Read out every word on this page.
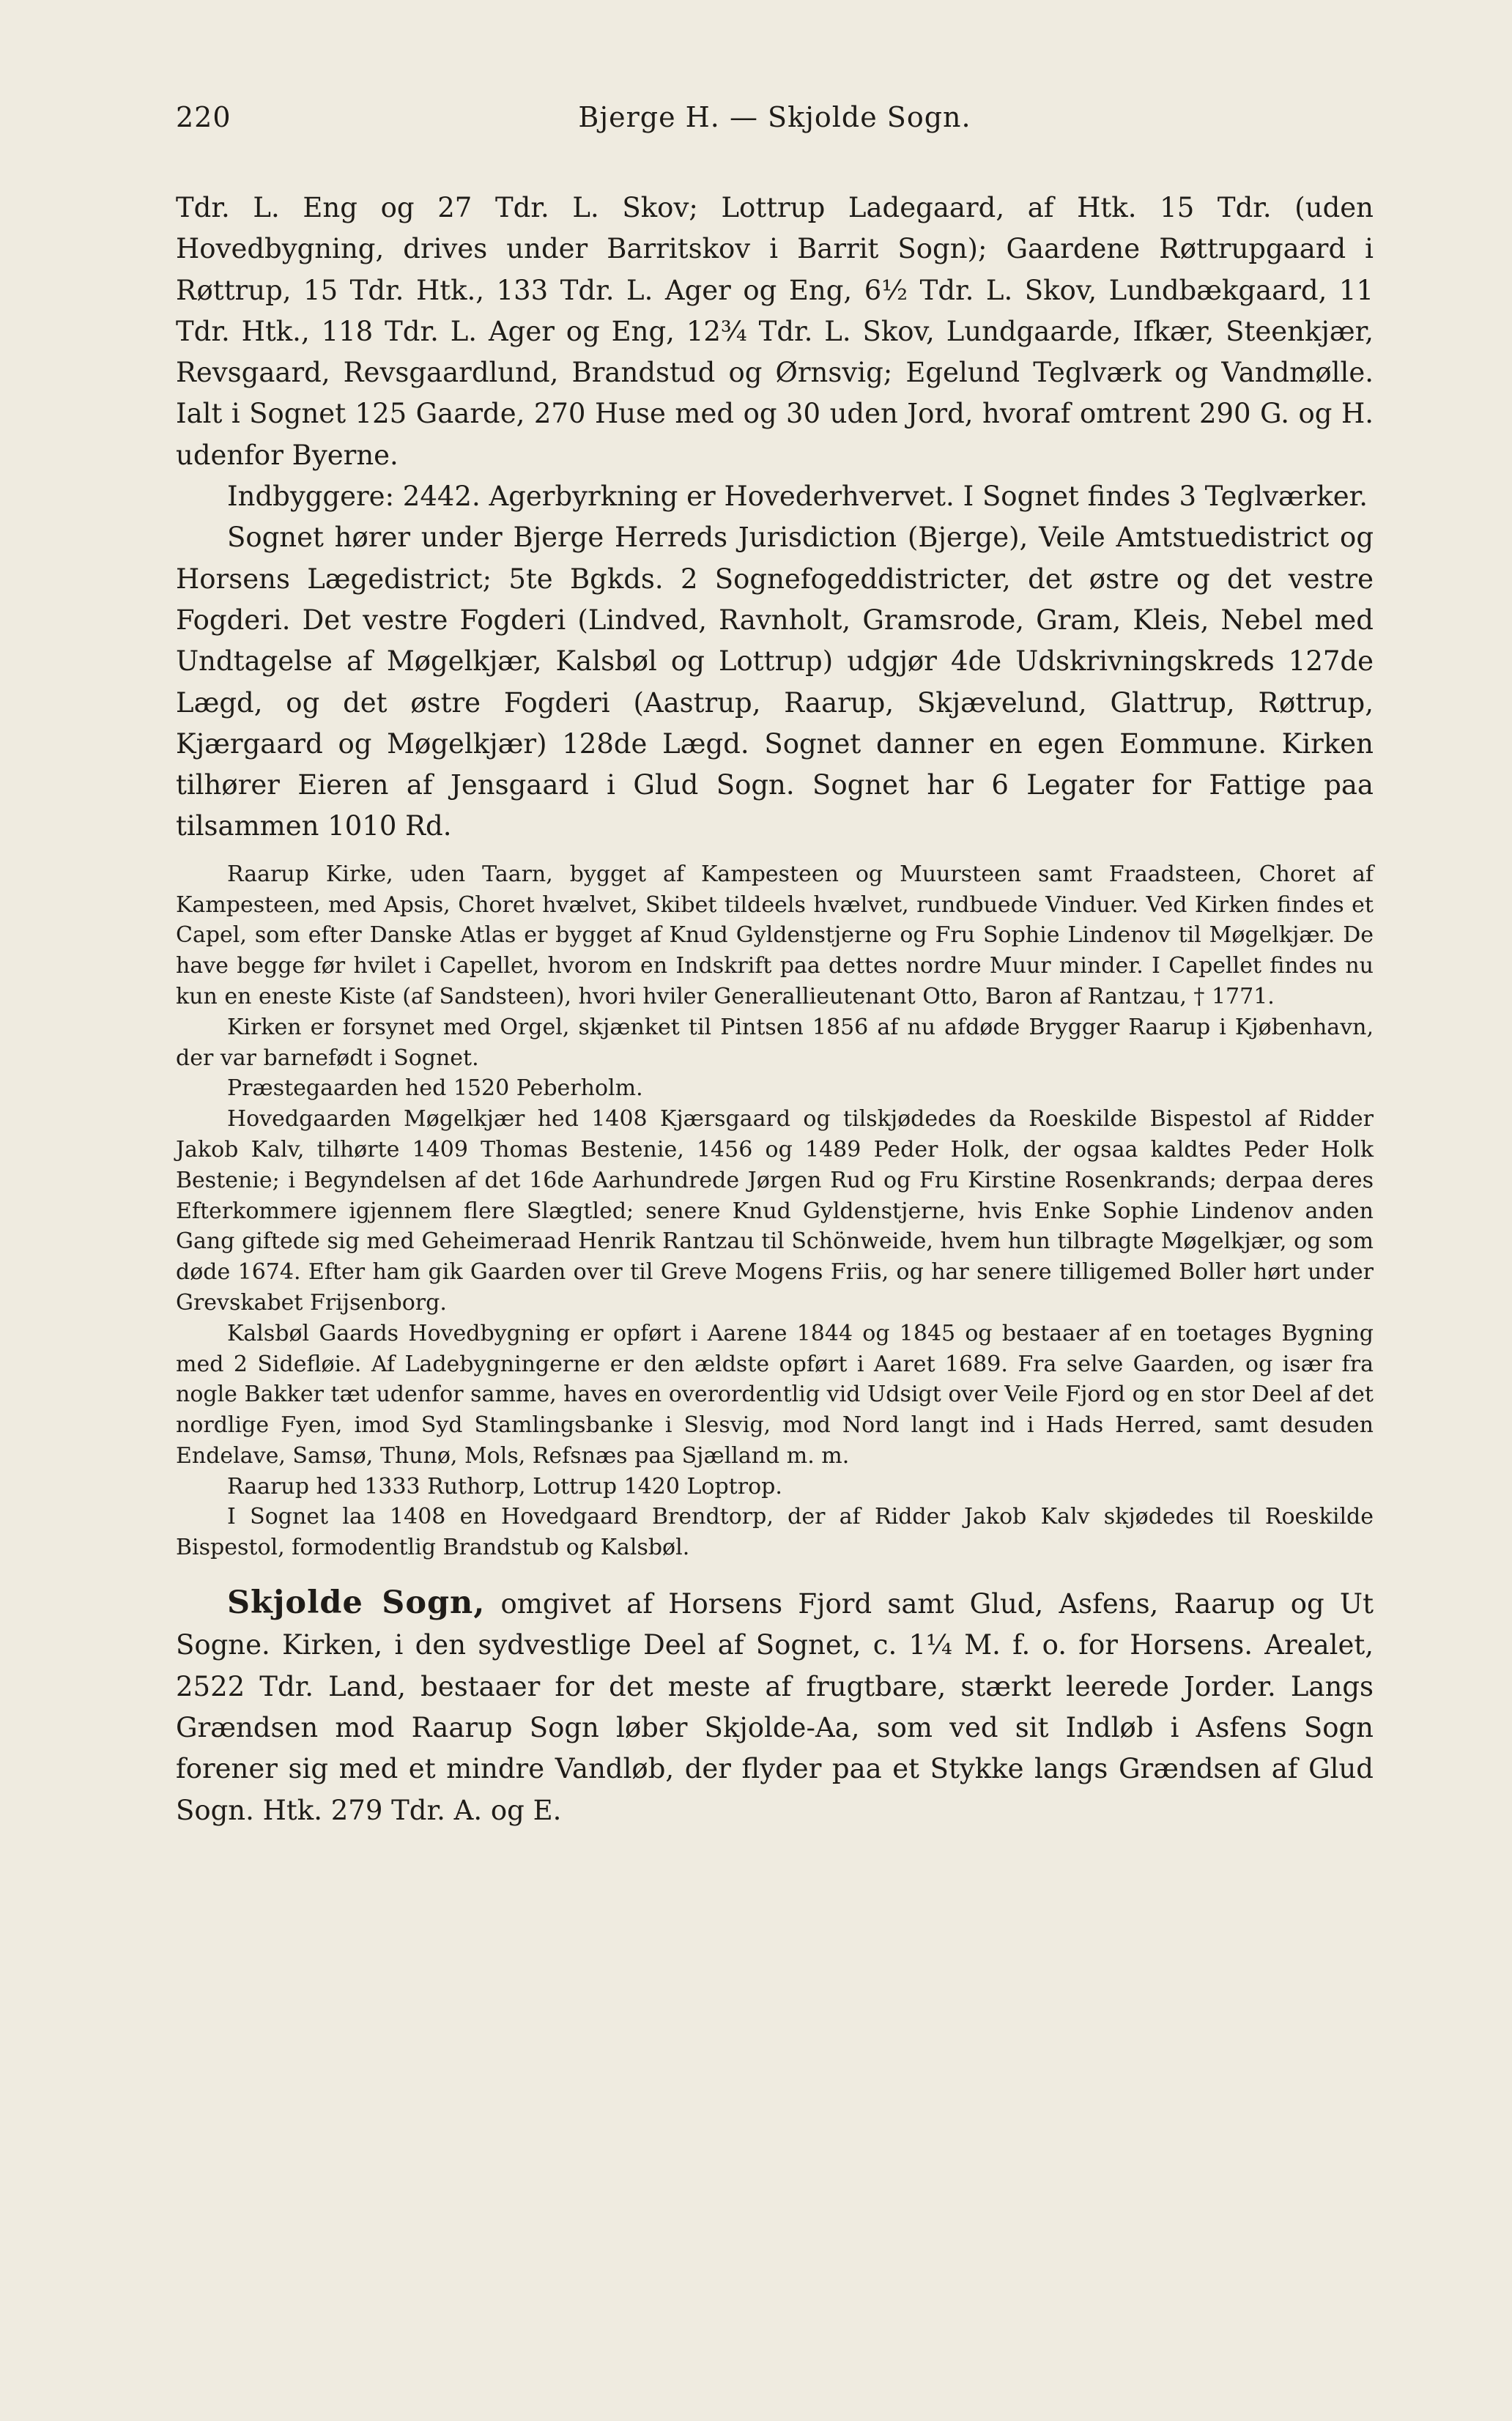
220	Bjerge H. — Skjolde Sogn.

Tdr. L. Eng og 27 Tdr. L. Skov; Lottrup Ladegaard, af Htk. 15 Tdr. (uden Hovedbygning, drives under Barritskov i Barrit Sogn); Gaardene Røttrupgaard i Røttrup, 15 Tdr. Htk., 133 Tdr. L. Ager og Eng, 6½ Tdr. L. Skov, Lundbækgaard, 11 Tdr. Htk., 118 Tdr. L. Ager og Eng, 12¾ Tdr. L. Skov, Lundgaarde, Ifkær, Steenkjær, Revsgaard, Revsgaardlund, Brandstud og Ørnsvig; Egelund Teglværk og Vandmølle. Ialt i Sognet 125 Gaarde, 270 Huse med og 30 uden Jord, hvoraf omtrent 290 G. og H. udenfor Byerne.

Indbyggere: 2442. Agerbyrkning er Hovederhvervet. I Sognet findes 3 Teglværker.

Sognet hører under Bjerge Herreds Jurisdiction (Bjerge), Veile Amtstuedistrict og Horsens Lægedistrict; 5te Bgkds. 2 Sognefogeddistricter, det østre og det vestre Fogderi. Det vestre Fogderi (Lindved, Ravnholt, Gramsrode, Gram, Kleis, Nebel med Undtagelse af Møgelkjær, Kalsbøl og Lottrup) udgjør 4de Udskrivningskreds 127de Lægd, og det østre Fogderi (Aastrup, Raarup, Skjævelund, Glattrup, Røttrup, Kjærgaard og Møgelkjær) 128de Lægd. Sognet danner en egen Eommune. Kirken tilhører Eieren af Jensgaard i Glud Sogn. Sognet har 6 Legater for Fattige paa tilsammen 1010 Rd.

Raarup Kirke, uden Taarn, bygget af Kampesteen og Muursteen samt Fraadsteen, Choret af Kampesteen, med Apsis, Choret hvælvet, Skibet tildeels hvælvet, rundbuede Vinduer. Ved Kirken findes et Capel, som efter Danske Atlas er bygget af Knud Gyldenstjerne og Fru Sophie Lindenov til Møgelkjær. De have begge før hvilet i Capellet, hvorom en Indskrift paa dettes nordre Muur minder. I Capellet findes nu kun en eneste Kiste (af Sandsteen), hvori hviler Generallieutenant Otto, Baron af Rantzau, † 1771.

Kirken er forsynet med Orgel, skjænket til Pintsen 1856 af nu afdøde Brygger Raarup i Kjøbenhavn, der var barnefødt i Sognet.

Præstegaarden hed 1520 Peberholm.

Hovedgaarden Møgelkjær hed 1408 Kjærsgaard og tilskjødedes da Roeskilde Bispestol af Ridder Jakob Kalv, tilhørte 1409 Thomas Bestenie, 1456 og 1489 Peder Holk, der ogsaa kaldtes Peder Holk Bestenie; i Begyndelsen af det 16de Aarhundrede Jørgen Rud og Fru Kirstine Rosenkrands; derpaa deres Efterkommere igjennem flere Slægtled; senere Knud Gyldenstjerne, hvis Enke Sophie Lindenov anden Gang giftede sig med Geheimeraad Henrik Rantzau til Schönweide, hvem hun tilbragte Møgelkjær, og som døde 1674. Efter ham gik Gaarden over til Greve Mogens Friis, og har senere tilligemed Boller hørt under Grevskabet Frijsenborg.

Kalsbøl Gaards Hovedbygning er opført i Aarene 1844 og 1845 og bestaaer af en toetages Bygning med 2 Sidefløie. Af Ladebygningerne er den ældste opført i Aaret 1689. Fra selve Gaarden, og især fra nogle Bakker tæt udenfor samme, haves en overordentlig vid Udsigt over Veile Fjord og en stor Deel af det nordlige Fyen, imod Syd Stamlingsbanke i Slesvig, mod Nord langt ind i Hads Herred, samt desuden Endelave, Samsø, Thunø, Mols, Refsnæs paa Sjælland m. m.

Raarup hed 1333 Ruthorp, Lottrup 1420 Loptrop.

I Sognet laa 1408 en Hovedgaard Brendtorp, der af Ridder Jakob Kalv skjødedes til Roeskilde Bispestol, formodentlig Brandstub og Kalsbøl.

Skjolde Sogn, omgivet af Horsens Fjord samt Glud, Asfens, Raarup og Ut Sogne. Kirken, i den sydvestlige Deel af Sognet, c. 1¼ M. f. o. for Horsens. Arealet, 2522 Tdr. Land, bestaaer for det meste af frugtbare, stærkt leerede Jorder. Langs Grændsen mod Raarup Sogn løber Skjolde-Aa, som ved sit Indløb i Asfens Sogn forener sig med et mindre Vandløb, der flyder paa et Stykke langs Grændsen af Glud Sogn. Htk. 279 Tdr. A. og E.
